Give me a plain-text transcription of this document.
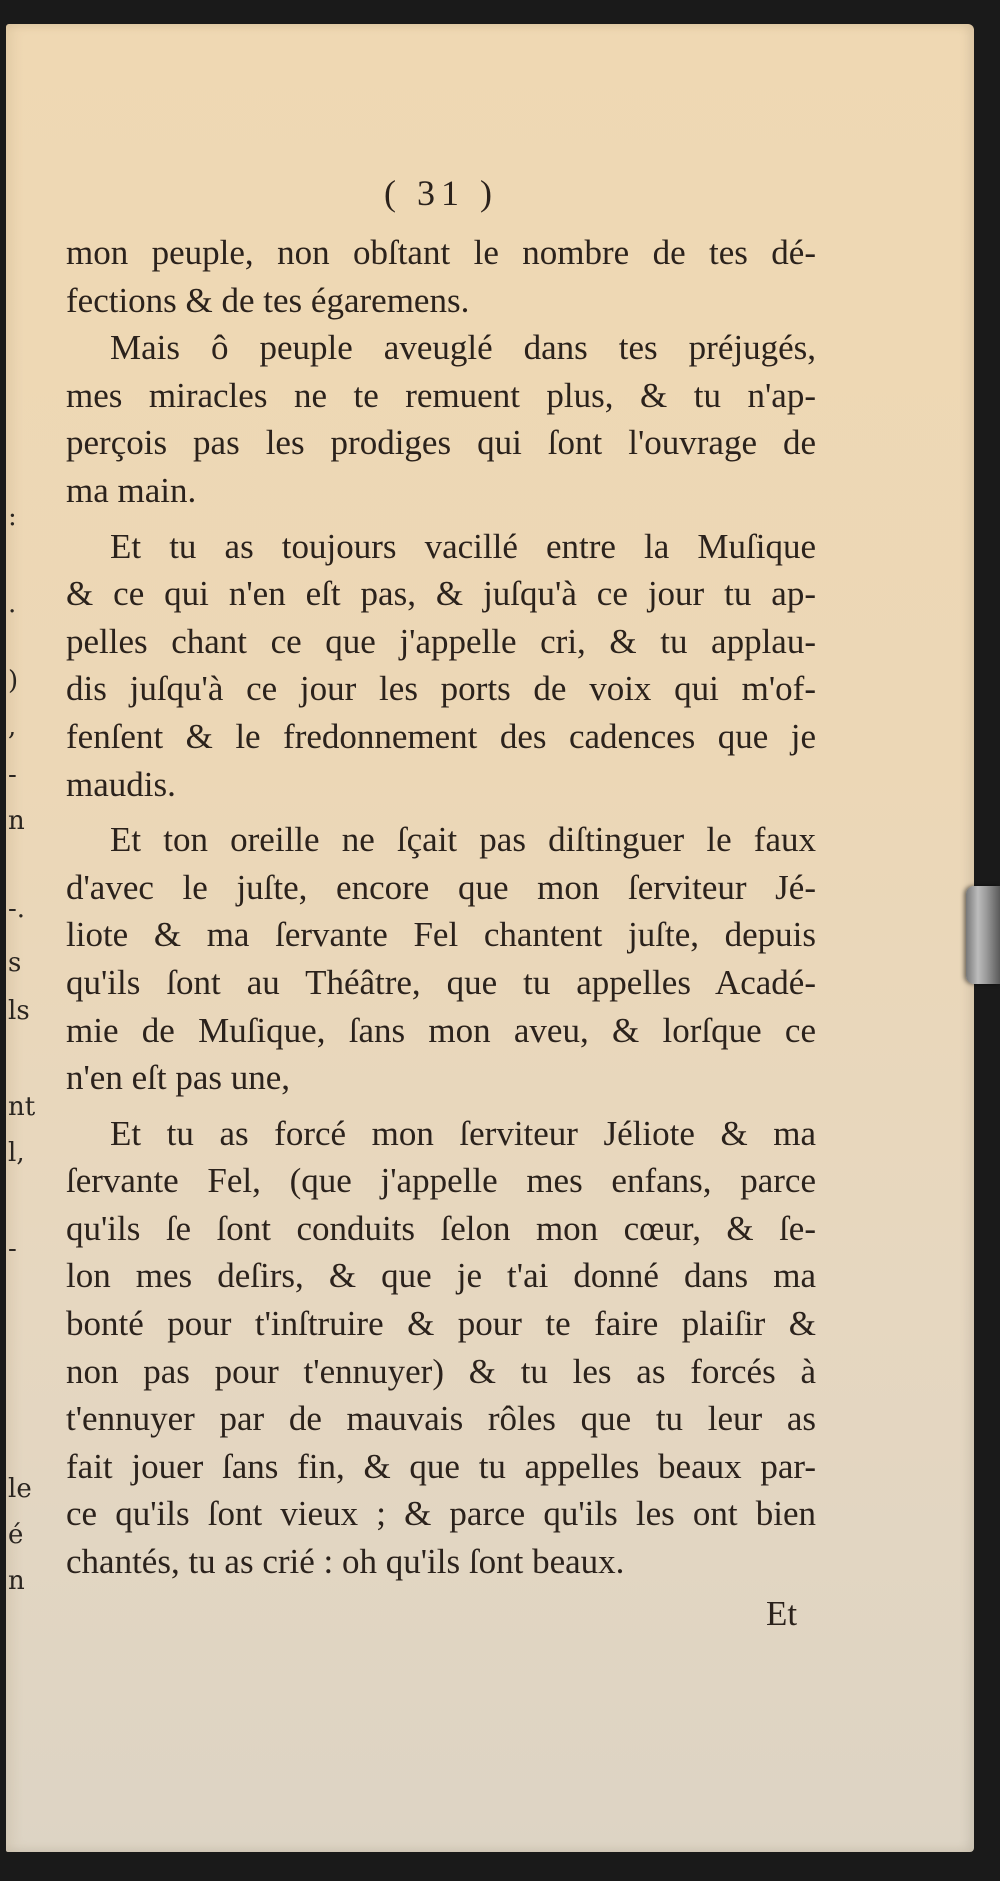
:
.
)
,
-
n
-.
s
ls
nt
l,
-
le
é
n
( 31 )
mon peuple, non obſtant le nombre de tes dé-
fections & de tes égaremens.
Mais ô peuple aveuglé dans tes préjugés,
mes miracles ne te remuent plus, & tu n'ap-
perçois pas les prodiges qui ſont l'ouvrage de
ma main.
Et tu as toujours vacillé entre la Muſique
& ce qui n'en eſt pas, & juſqu'à ce jour tu ap-
pelles chant ce que j'appelle cri, & tu applau-
dis juſqu'à ce jour les ports de voix qui m'of-
fenſent & le fredonnement des cadences que je
maudis.
Et ton oreille ne ſçait pas diſtinguer le faux
d'avec le juſte, encore que mon ſerviteur Jé-
liote & ma ſervante Fel chantent juſte, depuis
qu'ils ſont au Théâtre, que tu appelles Acadé-
mie de Muſique, ſans mon aveu, & lorſque ce
n'en eſt pas une,
Et tu as forcé mon ſerviteur Jéliote & ma
ſervante Fel, (que j'appelle mes enfans, parce
qu'ils ſe ſont conduits ſelon mon cœur, & ſe-
lon mes deſirs, & que je t'ai donné dans ma
bonté pour t'inſtruire & pour te faire plaiſir &
non pas pour t'ennuyer) & tu les as forcés à
t'ennuyer par de mauvais rôles que tu leur as
fait jouer ſans fin, & que tu appelles beaux par-
ce qu'ils ſont vieux ; & parce qu'ils les ont bien
chantés, tu as crié : oh qu'ils ſont beaux.
Et
